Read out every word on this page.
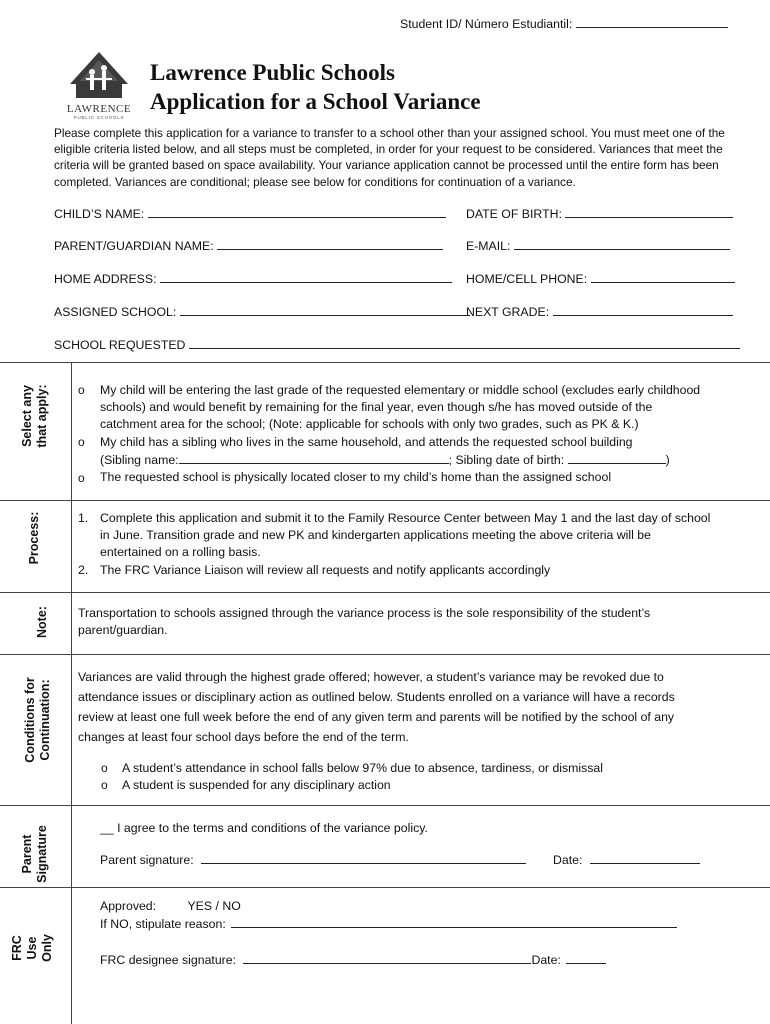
Student ID/ Número Estudiantil:
LAWRENCE
PUBLIC SCHOOLS
Lawrence Public Schools
Application for a School Variance
Please complete this application for a variance to transfer to a school other than your assigned school. You must meet one of the
eligible criteria listed below, and all steps must be completed, in order for your request to be considered. Variances that meet the
criteria will be granted based on space availability. Your variance application cannot be processed until the entire form has been
completed. Variances are conditional; please see below for conditions for continuation of a variance.
CHILD’S NAME:	DATE OF BIRTH:
PARENT/GUARDIAN NAME:	E-MAIL:
HOME ADDRESS:	HOME/CELL PHONE:
ASSIGNED SCHOOL:	NEXT GRADE:
SCHOOL REQUESTED
Select any that apply: o My child will be entering the last grade of the requested elementary or middle school (excludes early childhood
schools) and would benefit by remaining for the final year, even though s/he has moved outside of the
catchment area for the school; (Note: applicable for schools with only two grades, such as PK & K.)
o My child has a sibling who lives in the same household, and attends the requested school building
(Sibling name:	; Sibling date of birth:	)
o The requested school is physically located closer to my child’s home than the assigned school
Process:	1. Complete this application and submit it to the Family Resource Center between May 1 and the last day of school
in June. Transition grade and new PK and kindergarten applications meeting the above criteria will be
entertained on a rolling basis.
2. The FRC Variance Liaison will review all requests and notify applicants accordingly
Note: Transportation to schools assigned through the variance process is the sole responsibility of the student’s
parent/guardian.
Conditions for Continuation:
Variances are valid through the highest grade offered; however, a student’s variance may be revoked due to
attendance issues or disciplinary action as outlined below. Students enrolled on a variance will have a records
review at least one full week before the end of any given term and parents will be notified by the school of any
changes at least four school days before the end of the term.
o A student’s attendance in school falls below 97% due to absence, tardiness, or dismissal
o A student is suspended for any disciplinary action
Parent Signature	__ I agree to the terms and conditions of the variance policy.
Parent signature:	Date:
FRC Use Only
Approved:	YES / NO
If NO, stipulate reason:
FRC designee signature:	Date:
